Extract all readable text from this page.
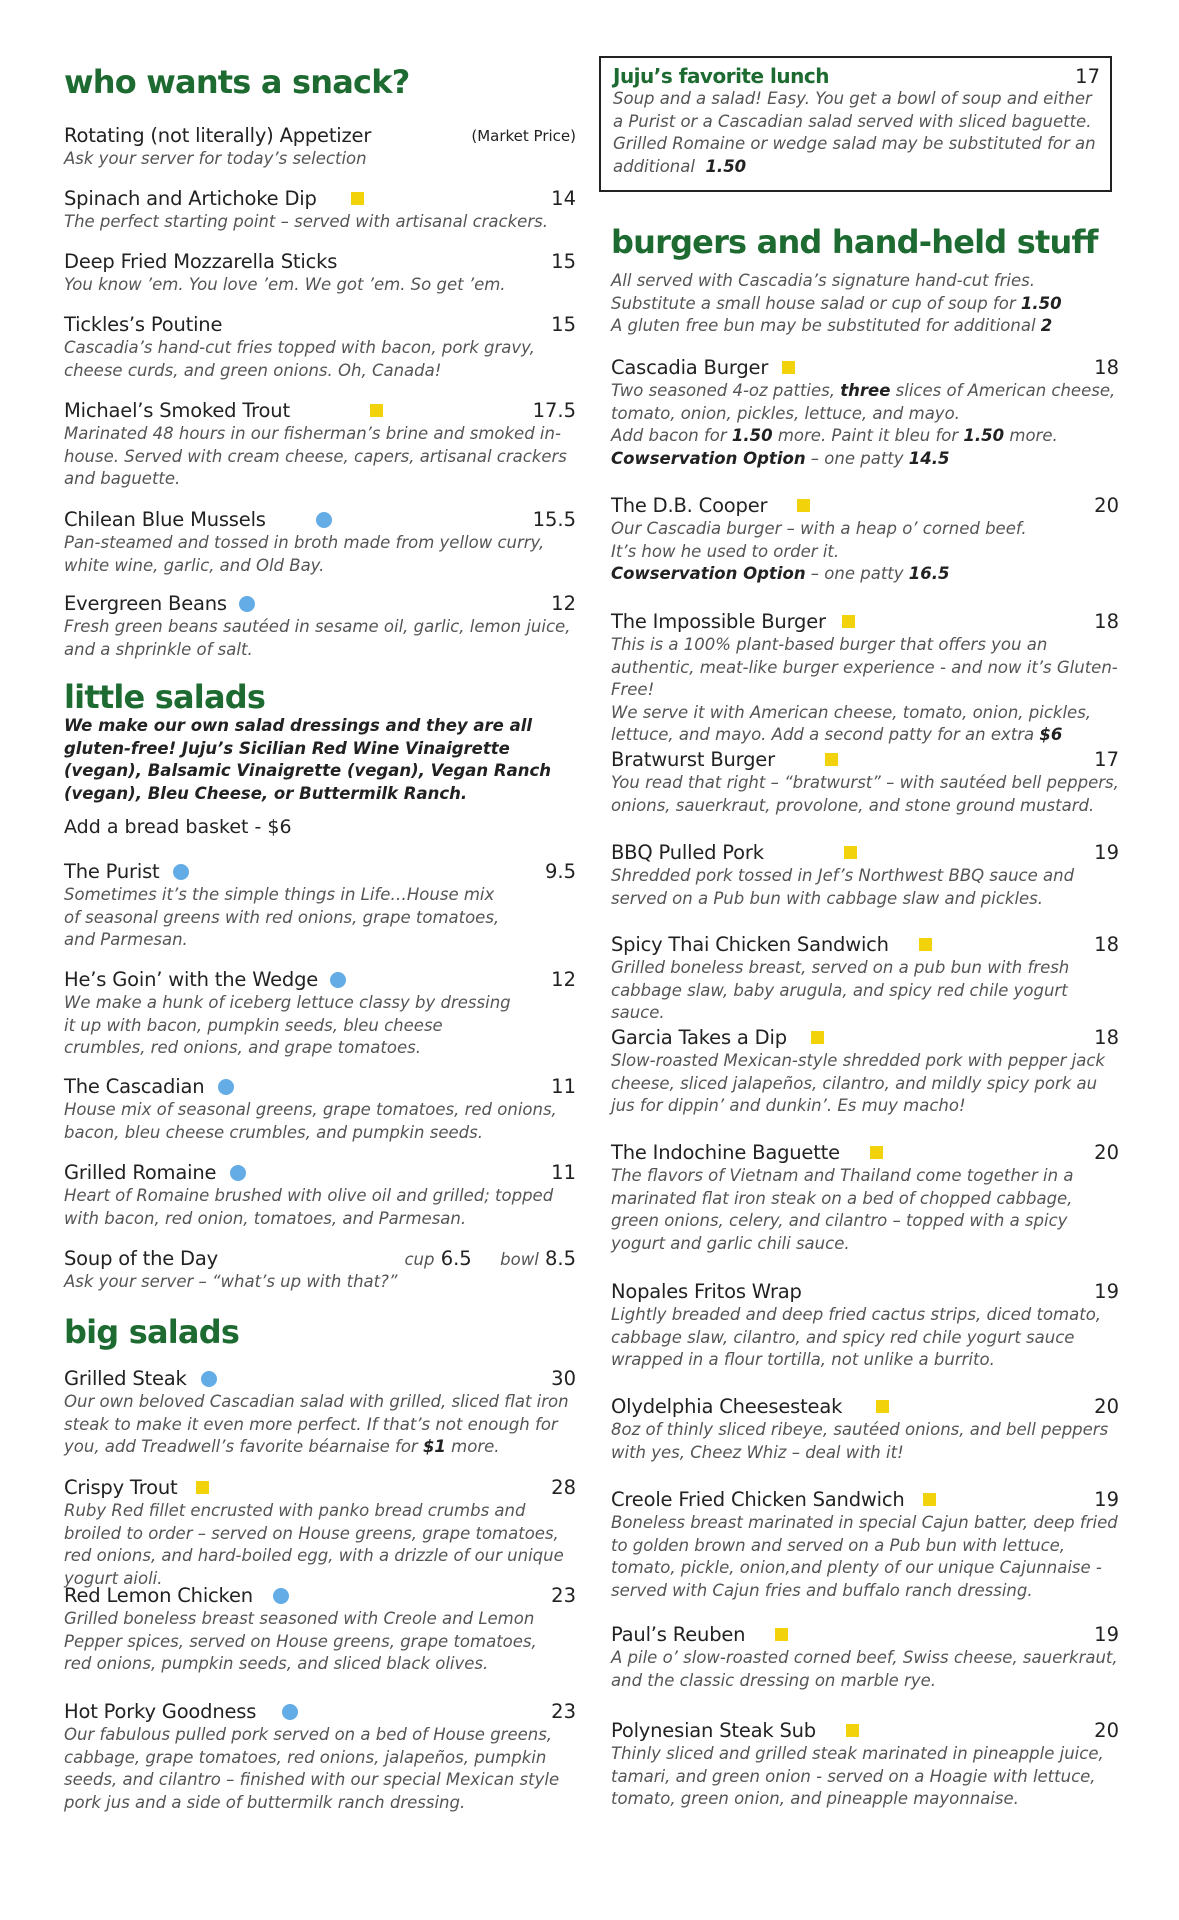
who wants a snack?
Rotating (not literally) Appetizer	(Market Price)
Ask your server for today’s selection
Spinach and Artichoke Dip	14
The perfect starting point – served with artisanal crackers.
Deep Fried Mozzarella Sticks	15
You know ’em. You love ’em. We got ’em. So get ’em.
Tickles’s Poutine	15
Cascadia’s hand-cut fries topped with bacon, pork gravy, cheese curds, and green onions. Oh, Canada!
Michael’s Smoked Trout	17.5
Marinated 48 hours in our fisherman’s brine and smoked in-house. Served with cream cheese, capers, artisanal crackers and baguette.
Chilean Blue Mussels	15.5
Pan-steamed and tossed in broth made from yellow curry, white wine, garlic, and Old Bay.
Evergreen Beans	12
Fresh green beans sautéed in sesame oil, garlic, lemon juice, and a shprinkle of salt.
little salads
We make our own salad dressings and they are all gluten-free! Juju’s Sicilian Red Wine Vinaigrette (vegan), Balsamic Vinaigrette (vegan), Vegan Ranch (vegan), Bleu Cheese, or Buttermilk Ranch.
Add a bread basket - $6
The Purist	9.5
Sometimes it’s the simple things in Life…House mix of seasonal greens with red onions, grape tomatoes, and Parmesan.
He’s Goin’ with the Wedge	12
We make a hunk of iceberg lettuce classy by dressing it up with bacon, pumpkin seeds, bleu cheese crumbles, red onions, and grape tomatoes.
The Cascadian	11
House mix of seasonal greens, grape tomatoes, red onions, bacon, bleu cheese crumbles, and pumpkin seeds.
Grilled Romaine	11
Heart of Romaine brushed with olive oil and grilled; topped with bacon, red onion, tomatoes, and Parmesan.
Soup of the Day	cup 6.5 bowl 8.5
Ask your server – “what’s up with that?”
big salads
Grilled Steak	30
Our own beloved Cascadian salad with grilled, sliced flat iron steak to make it even more perfect. If that’s not enough for you, add Treadwell’s favorite béarnaise for $1 more.
Crispy Trout	28
Ruby Red fillet encrusted with panko bread crumbs and broiled to order – served on House greens, grape tomatoes, red onions, and hard-boiled egg, with a drizzle of our unique yogurt aioli.
Red Lemon Chicken	23
Grilled boneless breast seasoned with Creole and Lemon Pepper spices, served on House greens, grape tomatoes, red onions, pumpkin seeds, and sliced black olives.
Hot Porky Goodness	23
Our fabulous pulled pork served on a bed of House greens, cabbage, grape tomatoes, red onions, jalapeños, pumpkin seeds, and cilantro – finished with our special Mexican style pork jus and a side of buttermilk ranch dressing.
Juju’s favorite lunch	17
Soup and a salad! Easy. You get a bowl of soup and either a Purist or a Cascadian salad served with sliced baguette. Grilled Romaine or wedge salad may be substituted for an additional 1.50
burgers and hand-held stuff
All served with Cascadia’s signature hand-cut fries. Substitute a small house salad or cup of soup for 1.50
A gluten free bun may be substituted for additional 2
Cascadia Burger	18
Two seasoned 4-oz patties, three slices of American cheese, tomato, onion, pickles, lettuce, and mayo.
Add bacon for 1.50 more. Paint it bleu for 1.50 more.
Cowservation Option – one patty 14.5
The D.B. Cooper	20
Our Cascadia burger – with a heap o’ corned beef.
It’s how he used to order it.
Cowservation Option – one patty 16.5
The Impossible Burger	18
This is a 100% plant-based burger that offers you an authentic, meat-like burger experience - and now it’s Gluten-Free!
We serve it with American cheese, tomato, onion, pickles, lettuce, and mayo. Add a second patty for an extra $6
Bratwurst Burger	17
You read that right – “bratwurst” – with sautéed bell peppers, onions, sauerkraut, provolone, and stone ground mustard.
BBQ Pulled Pork	19
Shredded pork tossed in Jef’s Northwest BBQ sauce and served on a Pub bun with cabbage slaw and pickles.
Spicy Thai Chicken Sandwich	18
Grilled boneless breast, served on a pub bun with fresh cabbage slaw, baby arugula, and spicy red chile yogurt sauce.
Garcia Takes a Dip	18
Slow-roasted Mexican-style shredded pork with pepper jack cheese, sliced jalapeños, cilantro, and mildly spicy pork au jus for dippin’ and dunkin’. Es muy macho!
The Indochine Baguette	20
The flavors of Vietnam and Thailand come together in a marinated flat iron steak on a bed of chopped cabbage, green onions, celery, and cilantro – topped with a spicy yogurt and garlic chili sauce.
Nopales Fritos Wrap	19
Lightly breaded and deep fried cactus strips, diced tomato, cabbage slaw, cilantro, and spicy red chile yogurt sauce wrapped in a flour tortilla, not unlike a burrito.
Olydelphia Cheesesteak	20
8oz of thinly sliced ribeye, sautéed onions, and bell peppers with yes, Cheez Whiz – deal with it!
Creole Fried Chicken Sandwich	19
Boneless breast marinated in special Cajun batter, deep fried to golden brown and served on a Pub bun with lettuce, tomato, pickle, onion,and plenty of our unique Cajunnaise - served with Cajun fries and buffalo ranch dressing.
Paul’s Reuben	19
A pile o’ slow-roasted corned beef, Swiss cheese, sauerkraut, and the classic dressing on marble rye.
Polynesian Steak Sub	20
Thinly sliced and grilled steak marinated in pineapple juice, tamari, and green onion - served on a Hoagie with lettuce, tomato, green onion, and pineapple mayonnaise.
